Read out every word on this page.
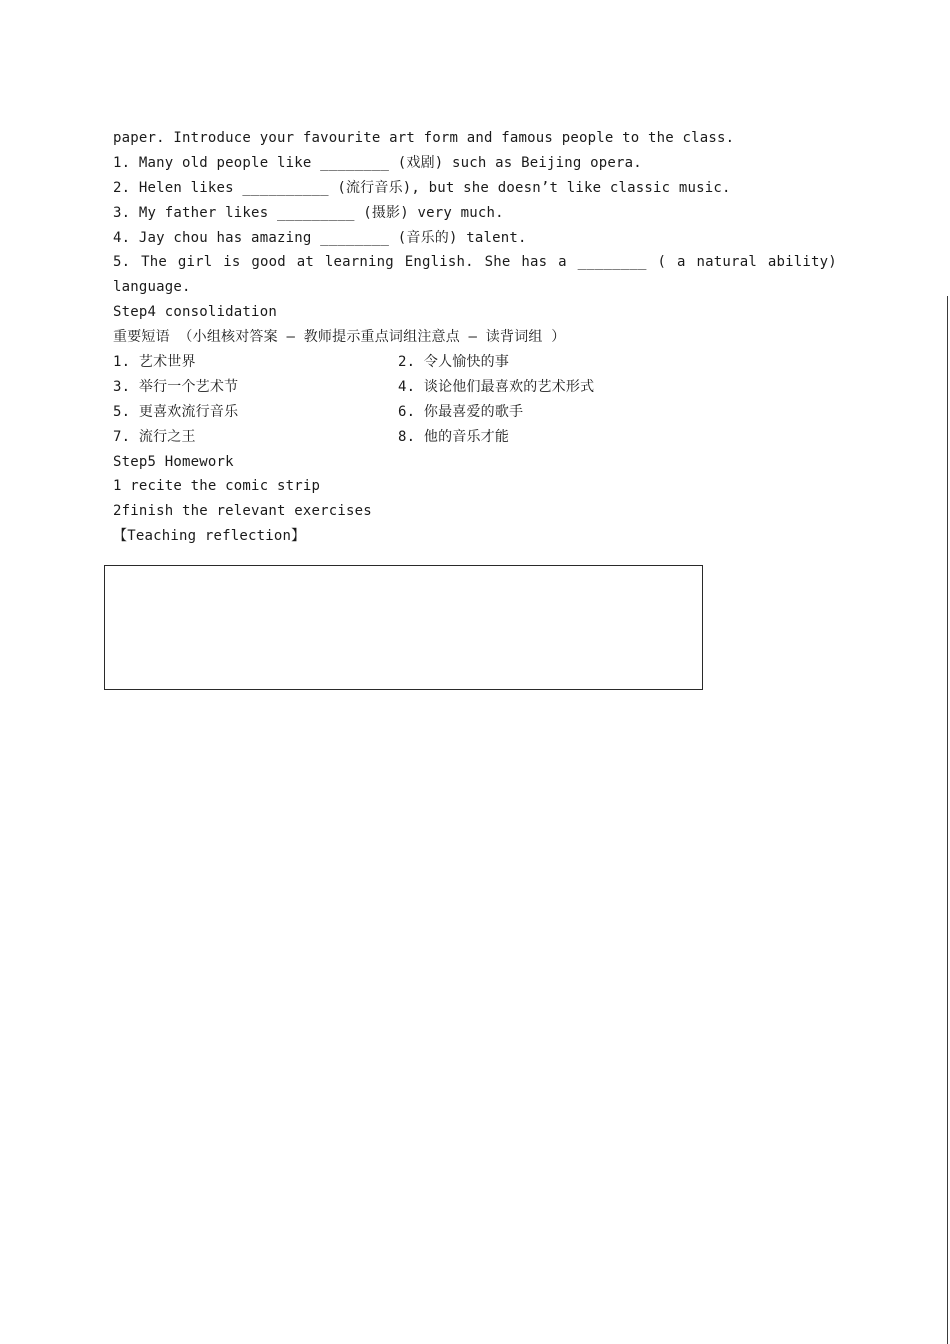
paper. Introduce your favourite art form and famous people to the class.
1. Many old people like ________ (戏剧) such as Beijing opera.
2. Helen likes __________ (流行音乐), but she doesn’t like classic music.
3. My father likes _________ (摄影) very much.
4. Jay chou has amazing ________ (音乐的) talent.
5. The girl is good at learning English. She has a ________ ( a natural ability)
language.
Step4 consolidation
重要短语 （小组核对答案 – 教师提示重点词组注意点 – 读背词组 ）
1. 艺术世界	2. 令人愉快的事
3. 举行一个艺术节	4. 谈论他们最喜欢的艺术形式
5. 更喜欢流行音乐	6. 你最喜爱的歌手
7. 流行之王	8. 他的音乐才能
Step5 Homework
1 recite the comic strip
2finish the relevant exercises
【Teaching reflection】
